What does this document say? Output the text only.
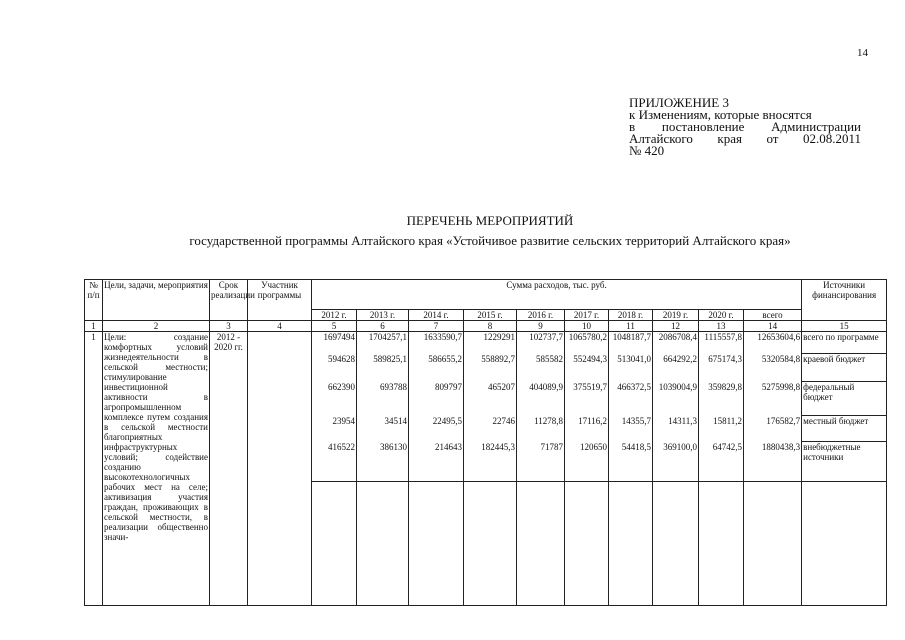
14
ПРИЛОЖЕНИЕ 3
к Изменениям, которые вносятся
в постановление Администрации
Алтайского края от 02.08.2011
№ 420
ПЕРЕЧЕНЬ МЕРОПРИЯТИЙ
государственной программы Алтайского края «Устойчивое развитие сельских территорий Алтайского края»
№ п/п	Цели, задачи, мероприятия	Срок реализации	Участник программы	Сумма расходов, тыс. руб.										Источники финансирования
				2012 г.	2013 г.	2014 г.	2015 г.	2016 г.	2017 г.	2018 г.	2019 г.	2020 г.	всего	
1	2	3	4	5	6	7	8	9	10	11	12	13	14	15
1	Цели: создание комфортных условий жизнедеятельности в сельской местности; стимулирование инвестиционной активности в агропромышленном комплексе путем создания в сельской местности благоприятных инфраструктурных условий; содействие созданию высокотехнологичных рабочих мест на селе; активизация участия граждан, проживающих в сельской местности, в реализации общественно значи-	2012 - 2020 гг.		1697494	1704257,1	1633590,7	1229291	102737,7	1065780,2	1048187,7	2086708,4	1115557,8	12653604,6	всего по программе
				594628	589825,1	586655,2	558892,7	585582	552494,3	513041,0	664292,2	675174,3	5320584,8	краевой бюджет
				662390	693788	809797	465207	404089,9	375519,7	466372,5	1039004,9	359829,8	5275998,8	федеральный бюджет
				23954	34514	22495,5	22746	11278,8	17116,2	14355,7	14311,3	15811,2	176582,7	местный бюджет
				416522	386130	214643	182445,3	71787	120650	54418,5	369100,0	64742,5	1880438,3	внебюджетные источники
